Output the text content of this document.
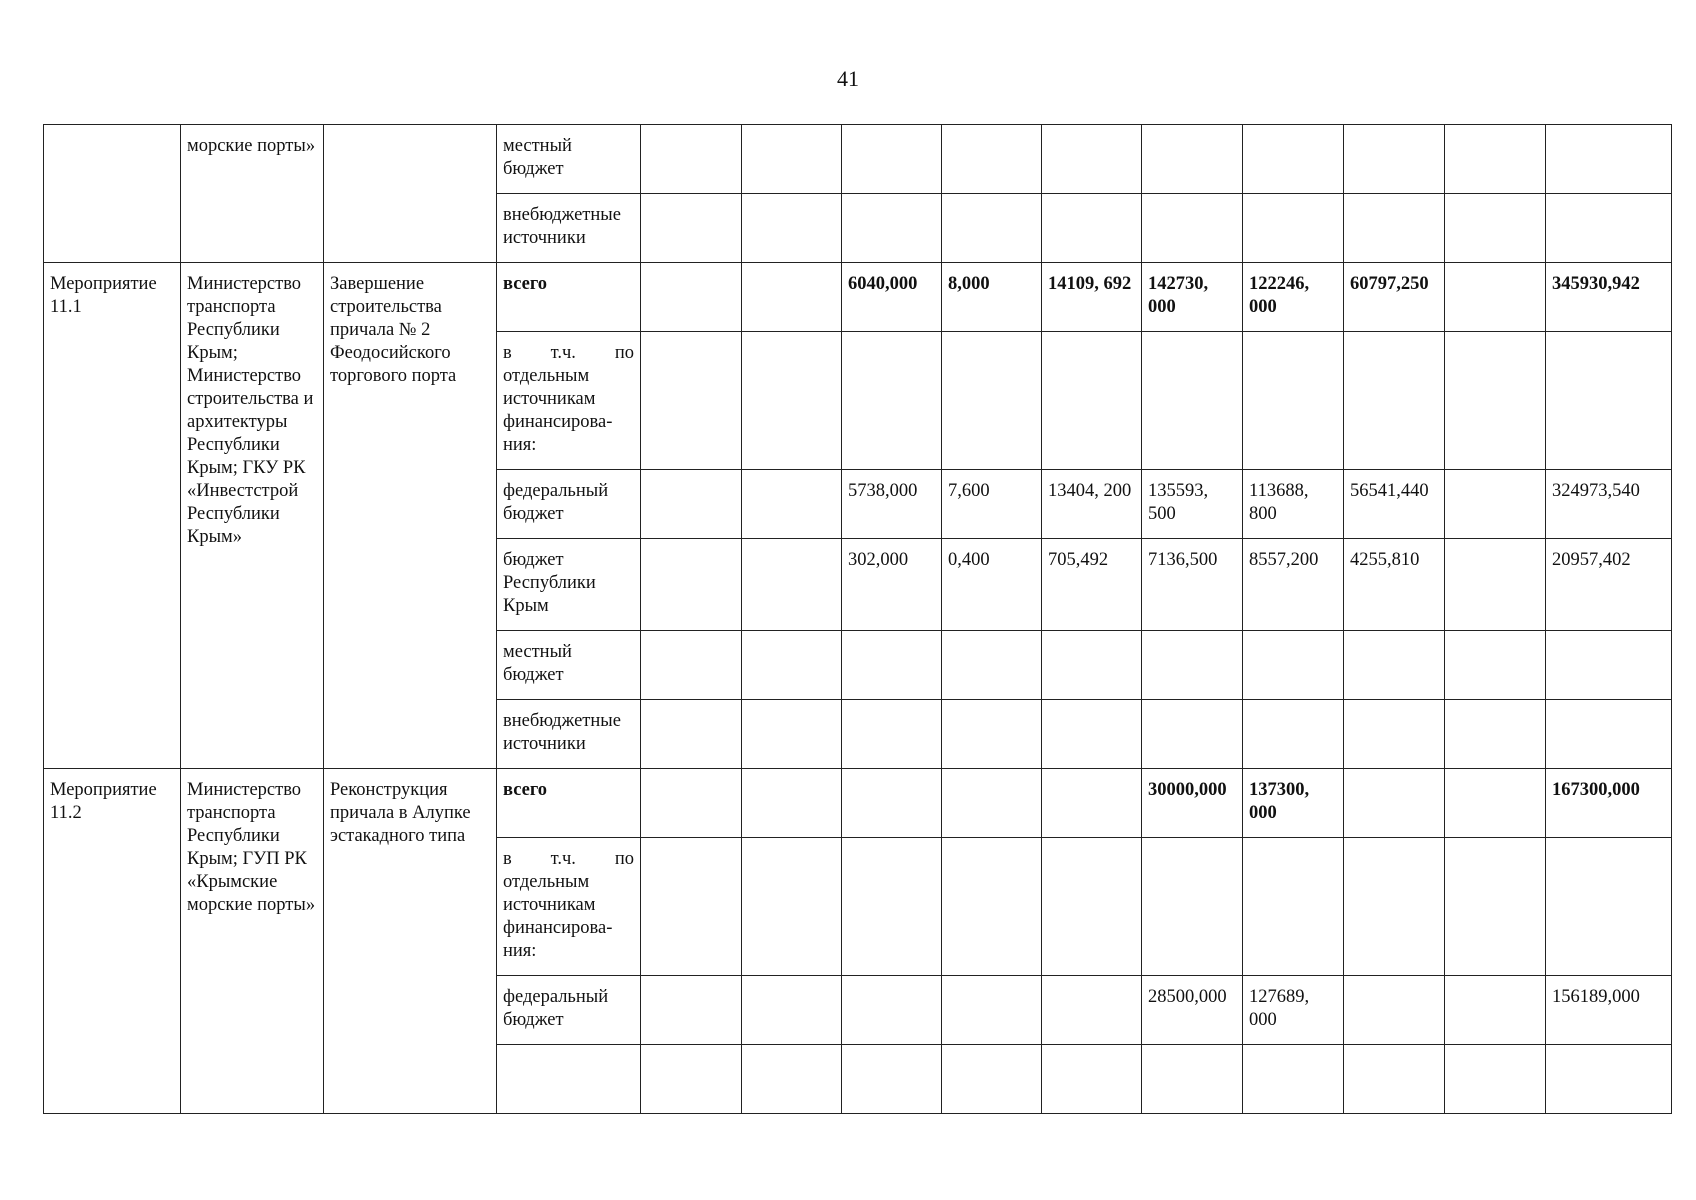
41
	морские порты»		местный бюджет										
			внебюджетные источники										
Мероприятие 11.1	Министерство транспорта Республики Крым; Министерство строительства и архитектуры Республики Крым; ГКУ РК «Инвестстрой Республики Крым»	Завершение строительства причала № 2 Феодосийского торгового порта	всего			6040,000	8,000	14109, 692	142730, 000	122246, 000	60797,250		345930,942
			в т.ч. по отдельным источникам финансирова-ния:										
			федеральный бюджет			5738,000	7,600	13404, 200	135593, 500	113688, 800	56541,440		324973,540
			бюджет Республики Крым			302,000	0,400	705,492	7136,500	8557,200	4255,810		20957,402
			местный бюджет										
			внебюджетные источники										
Мероприятие 11.2	Министерство транспорта Республики Крым; ГУП РК «Крымские морские порты»	Реконструкция причала в Алупке эстакадного типа	всего						30000,000	137300, 000			167300,000
			в т.ч. по отдельным источникам финансирова-ния:										
			федеральный бюджет						28500,000	127689, 000			156189,000
